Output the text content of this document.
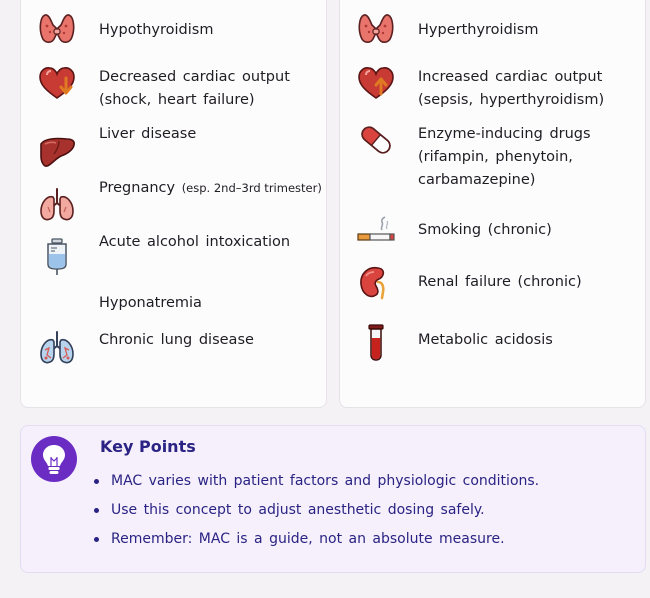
Hypothyroidism
Decreased cardiac output
(shock, heart failure)
Liver disease
Pregnancy (esp. 2nd–3rd trimester)
Acute alcohol intoxication
Hyponatremia
Chronic lung disease
Hyperthyroidism
Increased cardiac output
(sepsis, hyperthyroidism)
Enzyme-inducing drugs
(rifampin, phenytoin,
carbamazepine)
Smoking (chronic)
Renal failure (chronic)
Metabolic acidosis
Key Points
MAC varies with patient factors and physiologic conditions.
Use this concept to adjust anesthetic dosing safely.
Remember: MAC is a guide, not an absolute measure.
